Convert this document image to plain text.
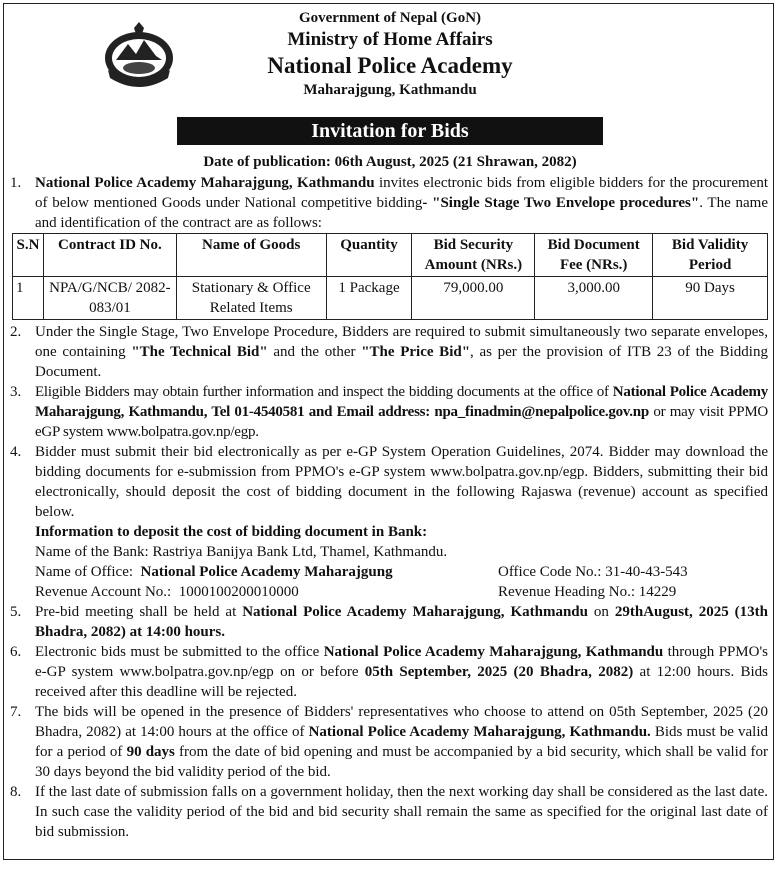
Government of Nepal (GoN)
Ministry of Home Affairs
National Police Academy
Maharajgung, Kathmandu
Invitation for Bids
Date of publication: 06th August, 2025 (21 Shrawan, 2082)
1. National Police Academy Maharajgung, Kathmandu invites electronic bids from eligible bidders for the procurement of below mentioned Goods under National competitive bidding- "Single Stage Two Envelope procedures". The name and identification of the contract are as follows:
S.N	Contract ID No.	Name of Goods	Quantity	Bid Security Amount (NRs.)	Bid Document Fee (NRs.)	Bid Validity Period
1	NPA/G/NCB/ 2082-083/01	Stationary & Office Related Items	1 Package	79,000.00	3,000.00	90 Days
2. Under the Single Stage, Two Envelope Procedure, Bidders are required to submit simultaneously two separate envelopes, one containing "The Technical Bid" and the other "The Price Bid", as per the provision of ITB 23 of the Bidding Document.
3. Eligible Bidders may obtain further information and inspect the bidding documents at the office of National Police Academy Maharajgung, Kathmandu, Tel 01-4540581 and Email address: npa_finadmin@nepalpolice.gov.np or may visit PPMO eGP system www.bolpatra.gov.np/egp.
4. Bidder must submit their bid electronically as per e-GP System Operation Guidelines, 2074. Bidder may download the bidding documents for e-submission from PPMO's e-GP system www.bolpatra.gov.np/egp. Bidders, submitting their bid electronically, should deposit the cost of bidding document in the following Rajaswa (revenue) account as specified below.
Information to deposit the cost of bidding document in Bank:
Name of the Bank: Rastriya Banijya Bank Ltd, Thamel, Kathmandu.
Name of Office:  National Police Academy Maharajgung	Office Code No.: 31-40-43-543
Revenue Account No.:  1000100200010000	Revenue Heading No.: 14229
5. Pre-bid meeting shall be held at National Police Academy Maharajgung, Kathmandu on 29thAugust, 2025 (13th Bhadra, 2082) at 14:00 hours.
6. Electronic bids must be submitted to the office National Police Academy Maharajgung, Kathmandu through PPMO's e-GP system www.bolpatra.gov.np/egp on or before 05th September, 2025 (20 Bhadra, 2082) at 12:00 hours. Bids received after this deadline will be rejected.
7. The bids will be opened in the presence of Bidders' representatives who choose to attend on 05th September, 2025 (20 Bhadra, 2082) at 14:00 hours at the office of National Police Academy Maharajgung, Kathmandu. Bids must be valid for a period of 90 days from the date of bid opening and must be accompanied by a bid security, which shall be valid for 30 days beyond the bid validity period of the bid.
8. If the last date of submission falls on a government holiday, then the next working day shall be considered as the last date. In such case the validity period of the bid and bid security shall remain the same as specified for the original last date of bid submission.
